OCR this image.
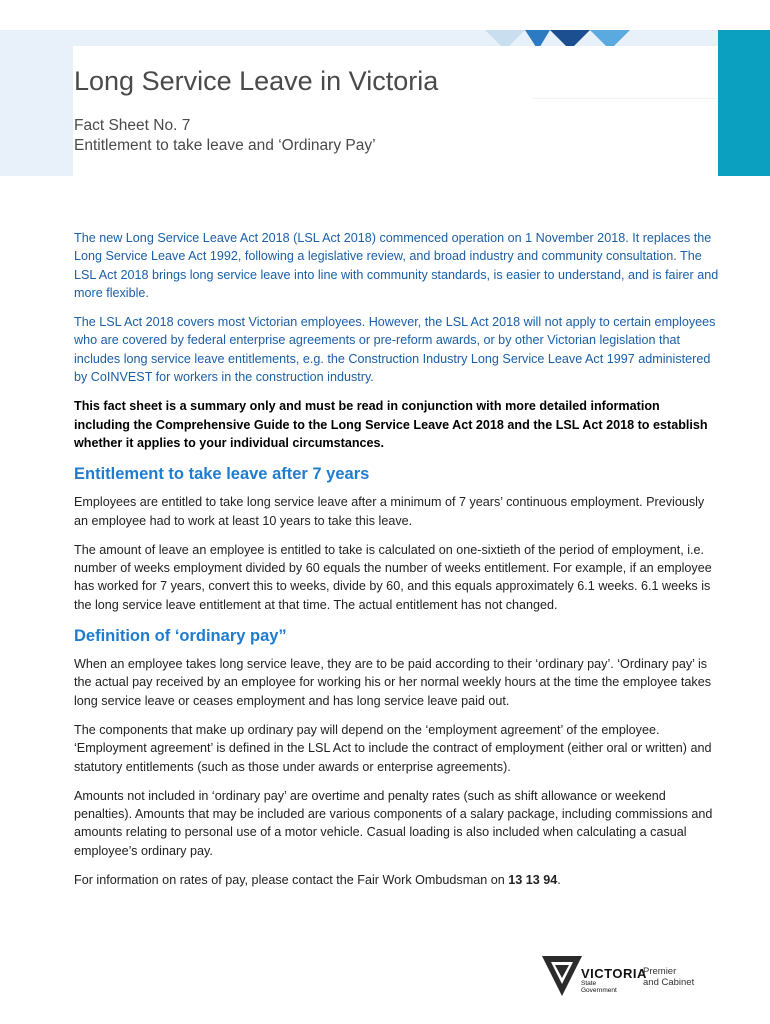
Long Service Leave in Victoria
Fact Sheet No. 7
Entitlement to take leave and ‘Ordinary Pay’

The new Long Service Leave Act 2018 (LSL Act 2018) commenced operation on 1 November 2018. It replaces the Long Service Leave Act 1992, following a legislative review, and broad industry and community consultation. The LSL Act 2018 brings long service leave into line with community standards, is easier to understand, and is fairer and more flexible.

The LSL Act 2018 covers most Victorian employees. However, the LSL Act 2018 will not apply to certain employees who are covered by federal enterprise agreements or pre-reform awards, or by other Victorian legislation that includes long service leave entitlements, e.g. the Construction Industry Long Service Leave Act 1997 administered by CoINVEST for workers in the construction industry.

This fact sheet is a summary only and must be read in conjunction with more detailed information including the Comprehensive Guide to the Long Service Leave Act 2018 and the LSL Act 2018 to establish whether it applies to your individual circumstances.

Entitlement to take leave after 7 years

Employees are entitled to take long service leave after a minimum of 7 years’ continuous employment. Previously an employee had to work at least 10 years to take this leave.

The amount of leave an employee is entitled to take is calculated on one-sixtieth of the period of employment, i.e. number of weeks employment divided by 60 equals the number of weeks entitlement. For example, if an employee has worked for 7 years, convert this to weeks, divide by 60, and this equals approximately 6.1 weeks. 6.1 weeks is the long service leave entitlement at that time. The actual entitlement has not changed.

Definition of ‘ordinary pay”

When an employee takes long service leave, they are to be paid according to their ‘ordinary pay’. ‘Ordinary pay’ is the actual pay received by an employee for working his or her normal weekly hours at the time the employee takes long service leave or ceases employment and has long service leave paid out.

The components that make up ordinary pay will depend on the ‘employment agreement’ of the employee. ‘Employment agreement’ is defined in the LSL Act to include the contract of employment (either oral or written) and statutory entitlements (such as those under awards or enterprise agreements).

Amounts not included in ‘ordinary pay’ are overtime and penalty rates (such as shift allowance or weekend penalties). Amounts that may be included are various components of a salary package, including commissions and amounts relating to personal use of a motor vehicle. Casual loading is also included when calculating a casual employee’s ordinary pay.

For information on rates of pay, please contact the Fair Work Ombudsman on 13 13 94.

VICTORIA
State
Government
Premier
and Cabinet
